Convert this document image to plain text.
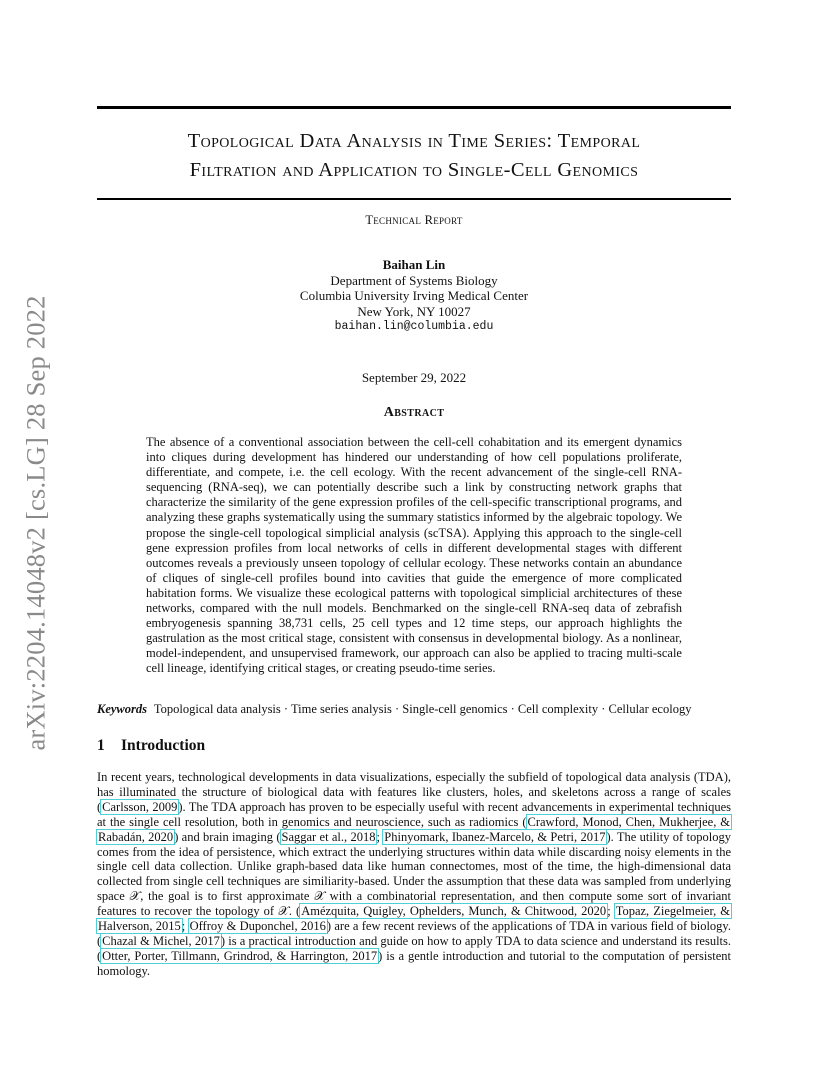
arXiv:2204.14048v2 [cs.LG] 28 Sep 2022
Topological Data Analysis in Time Series: Temporal
Filtration and Application to Single-Cell Genomics
Technical Report
Baihan Lin
Department of Systems Biology
Columbia University Irving Medical Center
New York, NY 10027
baihan.lin@columbia.edu
September 29, 2022
Abstract

The absence of a conventional association between the cell-cell cohabitation and its emergent dynamics into cliques during development has hindered our understanding of how cell populations proliferate, differentiate, and compete, i.e. the cell ecology. With the recent advancement of the single-cell RNA-sequencing (RNA-seq), we can potentially describe such a link by constructing network graphs that characterize the similarity of the gene expression profiles of the cell-specific transcriptional programs, and analyzing these graphs systematically using the summary statistics informed by the algebraic topology. We propose the single-cell topological simplicial analysis (scTSA). Applying this approach to the single-cell gene expression profiles from local networks of cells in different developmental stages with different outcomes reveals a previously unseen topology of cellular ecology. These networks contain an abundance of cliques of single-cell profiles bound into cavities that guide the emergence of more complicated habitation forms. We visualize these ecological patterns with topological simplicial architectures of these networks, compared with the null models. Benchmarked on the single-cell RNA-seq data of zebrafish embryogenesis spanning 38,731 cells, 25 cell types and 12 time steps, our approach highlights the gastrulation as the most critical stage, consistent with consensus in developmental biology. As a nonlinear, model-independent, and unsupervised framework, our approach can also be applied to tracing multi-scale cell lineage, identifying critical stages, or creating pseudo-time series.

Keywords Topological data analysis · Time series analysis · Single-cell genomics · Cell complexity · Cellular ecology
1 Introduction

In recent years, technological developments in data visualizations, especially the subfield of topological data analysis (TDA), has illuminated the structure of biological data with features like clusters, holes, and skeletons across a range of scales (Carlsson, 2009). The TDA approach has proven to be especially useful with recent advancements in experimental techniques at the single cell resolution, both in genomics and neuroscience, such as radiomics (Crawford, Monod, Chen, Mukherjee, & Rabadán, 2020) and brain imaging (Saggar et al., 2018; Phinyomark, Ibanez-Marcelo, & Petri, 2017). The utility of topology comes from the idea of persistence, which extract the underlying structures within data while discarding noisy elements in the single cell data collection. Unlike graph-based data like human connectomes, most of the time, the high-dimensional data collected from single cell techniques are similiarity-based. Under the assumption that these data was sampled from underlying space 𝒳, the goal is to first approximate 𝒳 with a combinatorial representation, and then compute some sort of invariant features to recover the topology of 𝒳. (Amézquita, Quigley, Ophelders, Munch, & Chitwood, 2020; Topaz, Ziegelmeier, & Halverson, 2015; Offroy & Duponchel, 2016) are a few recent reviews of the applications of TDA in various field of biology. (Chazal & Michel, 2017) is a practical introduction and guide on how to apply TDA to data science and understand its results. (Otter, Porter, Tillmann, Grindrod, & Harrington, 2017) is a gentle introduction and tutorial to the computation of persistent homology.
